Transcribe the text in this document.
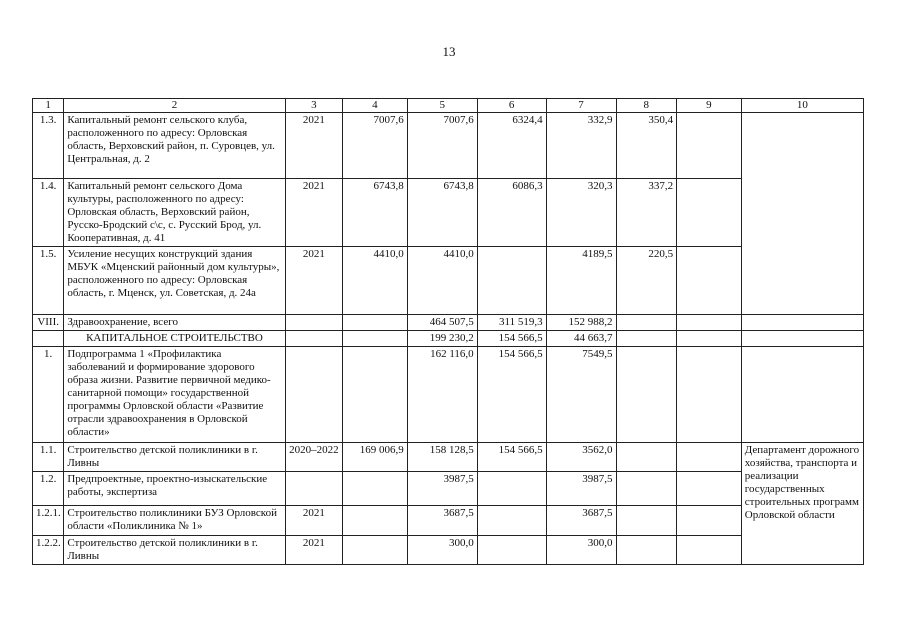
13
1	2	3	4	5	6	7	8	9	10
1.3.	Капитальный ремонт сельского клуба, расположенного по адресу: Орловская область, Верховский район, п. Суровцев, ул. Центральная, д. 2	2021	7007,6	7007,6	6324,4	332,9	350,4		
1.4.	Капитальный ремонт сельского Дома культуры, расположенного по адресу: Орловская область, Верховский район, Русско-Бродский с\с, с. Русский Брод, ул. Кооперативная, д. 41	2021	6743,8	6743,8	6086,3	320,3	337,2		
1.5.	Усиление несущих конструкций здания МБУК «Мценский районный дом культуры», расположенного по адресу: Орловская область, г. Мценск, ул. Советская, д. 24а	2021	4410,0	4410,0		4189,5	220,5		
VIII.	Здравоохранение, всего			464 507,5	311 519,3	152 988,2			
	КАПИТАЛЬНОЕ СТРОИТЕЛЬСТВО			199 230,2	154 566,5	44 663,7			
1.	Подпрограмма 1 «Профилактика заболеваний и формирование здорового образа жизни. Развитие первичной медико-санитарной помощи» государственной программы Орловской области «Развитие отрасли здравоохранения в Орловской области»			162 116,0	154 566,5	7549,5			
1.1.	Строительство детской поликлиники в г. Ливны	2020–2022	169 006,9	158 128,5	154 566,5	3562,0			Департамент дорожного хозяйства, транспорта и реализации государственных строительных программ Орловской области
1.2.	Предпроектные, проектно-изыскательские работы, экспертиза			3987,5		3987,5			
1.2.1.	Строительство поликлиники БУЗ Орловской области «Поликлиника № 1»	2021		3687,5		3687,5			
1.2.2.	Строительство детской поликлиники в г. Ливны	2021		300,0		300,0			
